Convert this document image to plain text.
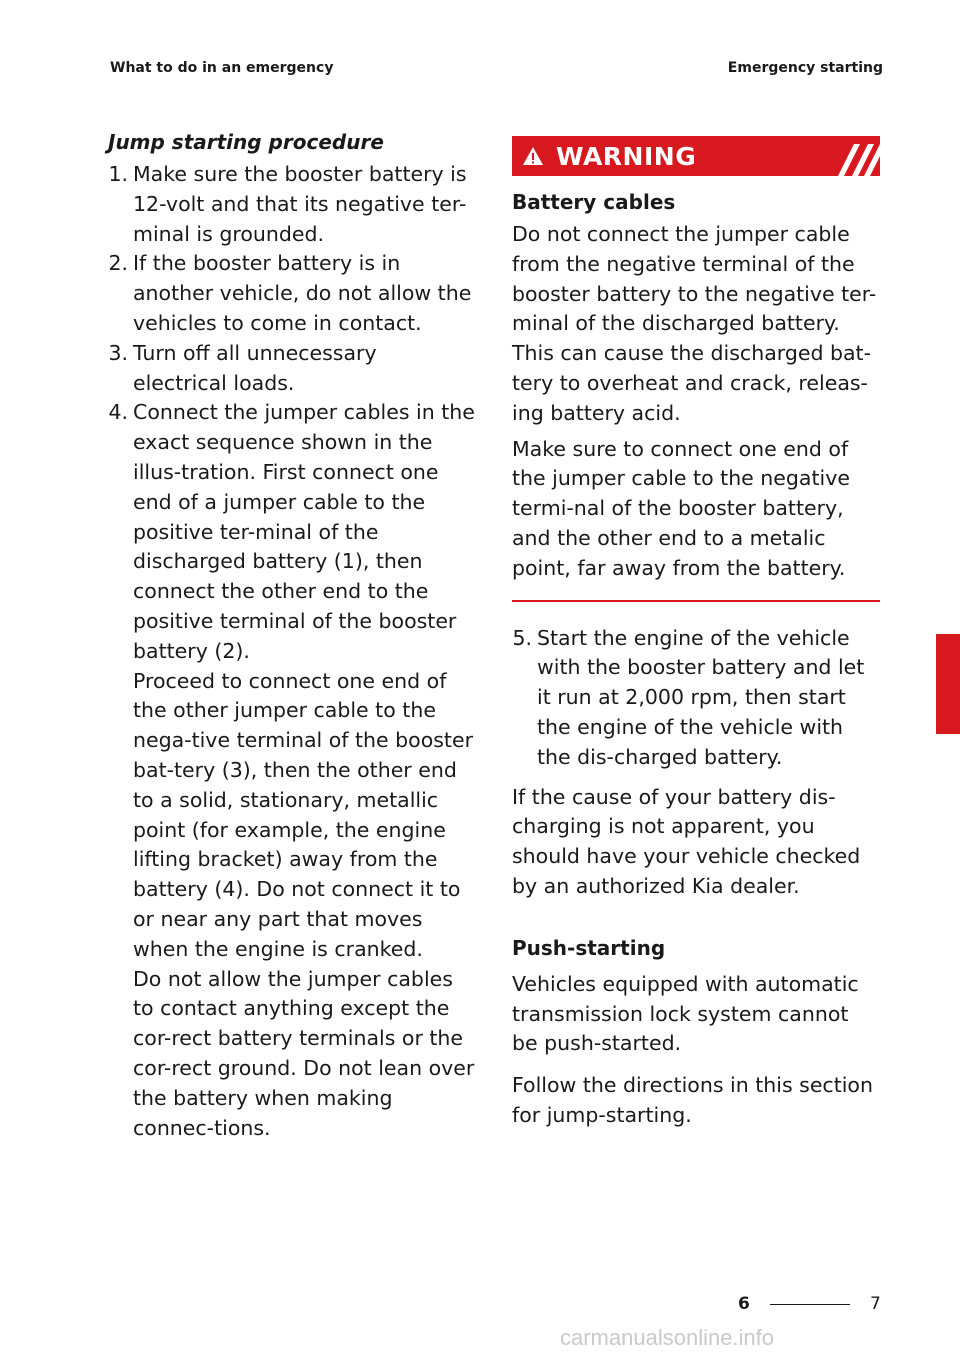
What to do in an emergency	Emergency starting
Jump starting procedure
1. Make sure the booster battery is 12-volt and that its negative ter-minal is grounded.

2. If the booster battery is in another vehicle, do not allow the vehicles to come in contact.

3. Turn off all unnecessary electrical loads.

4. Connect the jumper cables in the exact sequence shown in the illus-tration. First connect one end of a jumper cable to the positive ter-minal of the discharged battery (1), then connect the other end to the positive terminal of the booster battery (2).

Proceed to connect one end of the other jumper cable to the nega-tive terminal of the booster bat-tery (3), then the other end to a solid, stationary, metallic point (for example, the engine lifting bracket) away from the battery (4). Do not connect it to or near any part that moves when the engine is cranked.

Do not allow the jumper cables to contact anything except the cor-rect battery terminals or the cor-rect ground. Do not lean over the battery when making connec-tions.

WARNING
Battery cables

Do not connect the jumper cable from the negative terminal of the booster battery to the negative ter-minal of the discharged battery. This can cause the discharged bat-tery to overheat and crack, releas-ing battery acid.

Make sure to connect one end of the jumper cable to the negative termi-nal of the booster battery, and the other end to a metalic point, far away from the battery.

5. Start the engine of the vehicle with the booster battery and let it run at 2,000 rpm, then start the engine of the vehicle with the dis-charged battery.

If the cause of your battery dis-charging is not apparent, you should have your vehicle checked by an authorized Kia dealer.

Push-starting

Vehicles equipped with automatic transmission lock system cannot be push-started.

Follow the directions in this section for jump-starting.

6
6	7
carmanualsonline.info
